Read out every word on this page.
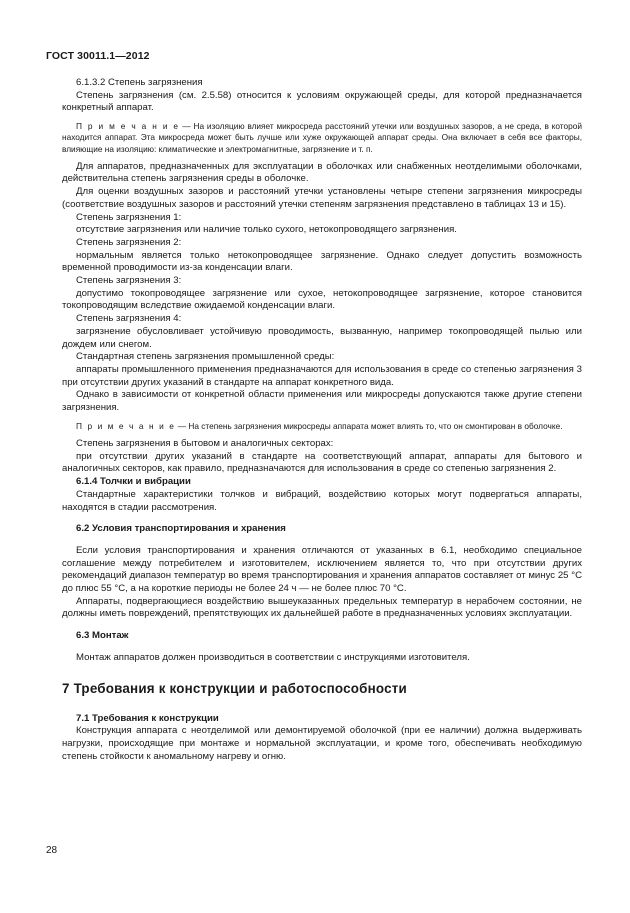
ГОСТ 30011.1—2012

6.1.3.2 Степень загрязнения

Степень загрязнения (см. 2.5.58) относится к условиям окружающей среды, для которой предназначается конкретный аппарат.

П р и м е ч а н и е — На изоляцию влияет микросреда расстояний утечки или воздушных зазоров, а не среда, в которой находится аппарат. Эта микросреда может быть лучше или хуже окружающей аппарат среды. Она включает в себя все факторы, влияющие на изоляцию: климатические и электромагнитные, загрязнение и т. п.

Для аппаратов, предназначенных для эксплуатации в оболочках или снабженных неотделимыми оболочками, действительна степень загрязнения среды в оболочке.

Для оценки воздушных зазоров и расстояний утечки установлены четыре степени загрязнения микросреды (соответствие воздушных зазоров и расстояний утечки степеням загрязнения представлено в таблицах 13 и 15).

Степень загрязнения 1:

отсутствие загрязнения или наличие только сухого, нетокопроводящего загрязнения.

Степень загрязнения 2:

нормальным является только нетокопроводящее загрязнение. Однако следует допустить возможность временной проводимости из-за конденсации влаги.

Степень загрязнения 3:

допустимо токопроводящее загрязнение или сухое, нетокопроводящее загрязнение, которое становится токопроводящим вследствие ожидаемой конденсации влаги.

Степень загрязнения 4:

загрязнение обусловливает устойчивую проводимость, вызванную, например токопроводящей пылью или дождем или снегом.

Стандартная степень загрязнения промышленной среды:

аппараты промышленного применения предназначаются для использования в среде со степенью загрязнения 3 при отсутствии других указаний в стандарте на аппарат конкретного вида.

Однако в зависимости от конкретной области применения или микросреды допускаются также другие степени загрязнения.

П р и м е ч а н и е — На степень загрязнения микросреды аппарата может влиять то, что он смонтирован в оболочке.

Степень загрязнения в бытовом и аналогичных секторах:

при отсутствии других указаний в стандарте на соответствующий аппарат, аппараты для бытового и аналогичных секторов, как правило, предназначаются для использования в среде со степенью загрязнения 2.

6.1.4 Толчки и вибрации

Стандартные характеристики толчков и вибраций, воздействию которых могут подвергаться аппараты, находятся в стадии рассмотрения.

6.2 Условия транспортирования и хранения

Если условия транспортирования и хранения отличаются от указанных в 6.1, необходимо специальное соглашение между потребителем и изготовителем, исключением является то, что при отсутствии других рекомендаций диапазон температур во время транспортирования и хранения аппаратов составляет от минус 25 °С до плюс 55 °С, а на короткие периоды не более 24 ч — не более плюс 70 °С.

Аппараты, подвергающиеся воздействию вышеуказанных предельных температур в нерабочем состоянии, не должны иметь повреждений, препятствующих их дальнейшей работе в предназначенных условиях эксплуатации.

6.3 Монтаж

Монтаж аппаратов должен производиться в соответствии с инструкциями изготовителя.

7 Требования к конструкции и работоспособности

7.1 Требования к конструкции

Конструкция аппарата с неотделимой или демонтируемой оболочкой (при ее наличии) должна выдерживать нагрузки, происходящие при монтаже и нормальной эксплуатации, и кроме того, обеспечивать необходимую степень стойкости к аномальному нагреву и огню.

28
